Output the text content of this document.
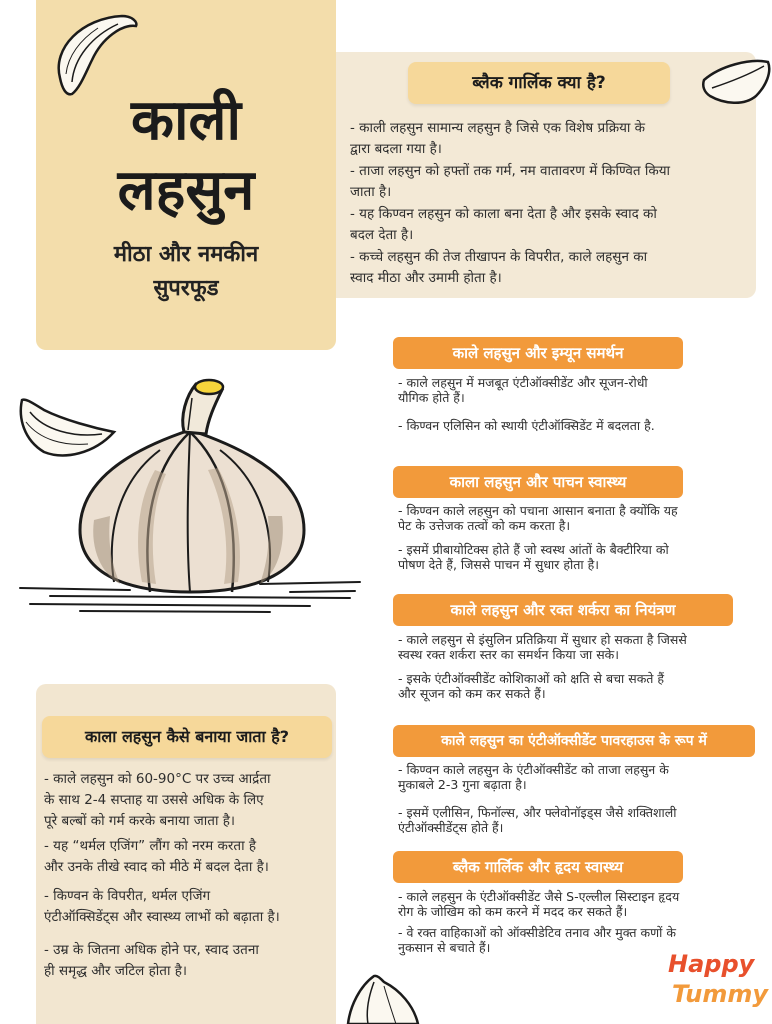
काली
लहसुन
मीठा और नमकीन
सुपरफूड
ब्लैक गार्लिक क्या है?
- काली लहसुन सामान्य लहसुन है जिसे एक विशेष प्रक्रिया के
द्वारा बदला गया है।
- ताजा लहसुन को हफ्तों तक गर्म, नम वातावरण में किण्वित किया
जाता है।
- यह किण्वन लहसुन को काला बना देता है और इसके स्वाद को
बदल देता है।
- कच्चे लहसुन की तेज तीखापन के विपरीत, काले लहसुन का
स्वाद मीठा और उमामी होता है।
काले लहसुन और इम्यून समर्थन
- काले लहसुन में मजबूत एंटीऑक्सीडेंट और सूजन-रोधी
यौगिक होते हैं।
- किण्वन एलिसिन को स्थायी एंटीऑक्सिडेंट में बदलता है.
काला लहसुन और पाचन स्वास्थ्य
- किण्वन काले लहसुन को पचाना आसान बनाता है क्योंकि यह
पेट के उत्तेजक तत्वों को कम करता है।
- इसमें प्रीबायोटिक्स होते हैं जो स्वस्थ आंतों के बैक्टीरिया को
पोषण देते हैं, जिससे पाचन में सुधार होता है।
काले लहसुन और रक्त शर्करा का नियंत्रण
- काले लहसुन से इंसुलिन प्रतिक्रिया में सुधार हो सकता है जिससे
स्वस्थ रक्त शर्करा स्तर का समर्थन किया जा सके।
- इसके एंटीऑक्सीडेंट कोशिकाओं को क्षति से बचा सकते हैं
और सूजन को कम कर सकते हैं।
काले लहसुन का एंटीऑक्सीडेंट पावरहाउस के रूप में
- किण्वन काले लहसुन के एंटीऑक्सीडेंट को ताजा लहसुन के
मुकाबले 2-3 गुना बढ़ाता है।
- इसमें एलीसिन, फिनॉल्स, और फ्लेवोनॉइड्स जैसे शक्तिशाली
एंटीऑक्सीडेंट्स होते हैं।
ब्लैक गार्लिक और हृदय स्वास्थ्य
- काले लहसुन के एंटीऑक्सीडेंट जैसे S-एल्लील सिस्टाइन हृदय
रोग के जोखिम को कम करने में मदद कर सकते हैं।
- वे रक्त वाहिकाओं को ऑक्सीडेटिव तनाव और मुक्त कणों के
नुकसान से बचाते हैं।
काला लहसुन कैसे बनाया जाता है?
- काले लहसुन को 60-90°C पर उच्च आर्द्रता
के साथ 2-4 सप्ताह या उससे अधिक के लिए
पूरे बल्बों को गर्म करके बनाया जाता है।
- यह “थर्मल एजिंग” लौंग को नरम करता है
और उनके तीखे स्वाद को मीठे में बदल देता है।
- किण्वन के विपरीत, थर्मल एजिंग
एंटीऑक्सिडेंट्स और स्वास्थ्य लाभों को बढ़ाता है।
- उम्र के जितना अधिक होने पर, स्वाद उतना
ही समृद्ध और जटिल होता है।	Happy
Tummy
